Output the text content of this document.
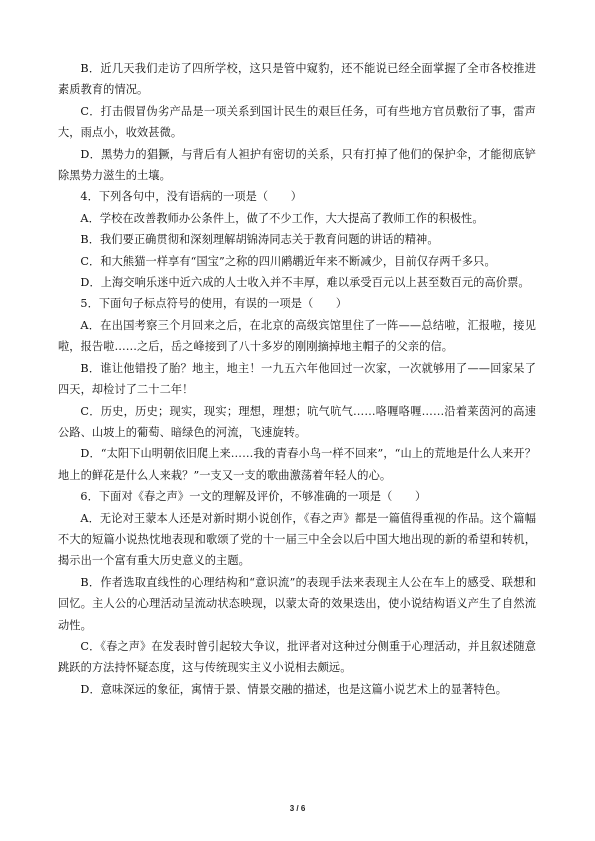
B．近几天我们走访了四所学校，这只是管中窥豹，还不能说已经全面掌握了全市各校推进素质教育的情况。

C．打击假冒伪劣产品是一项关系到国计民生的艰巨任务，可有些地方官员敷衍了事，雷声大，雨点小，收效甚微。

D．黑势力的猖獗，与背后有人袒护有密切的关系，只有打掉了他们的保护伞，才能彻底铲除黑势力滋生的土壤。

4．下列各句中，没有语病的一项是（　　）

A．学校在改善教师办公条件上，做了不少工作，大大提高了教师工作的积极性。

B．我们要正确贯彻和深刻理解胡锦涛同志关于教育问题的讲话的精神。

C．和大熊猫一样享有“国宝”之称的四川鹇鹕近年来不断减少，目前仅存两千多只。

D．上海交响乐迷中近六成的人士收入并不丰厚，难以承受百元以上甚至数百元的高价票。

5．下面句子标点符号的使用，有误的一项是（　　）

A．在出国考察三个月回来之后，在北京的高级宾馆里住了一阵——总结啦，汇报啦，接见啦，报告啦……之后，岳之峰接到了八十多岁的刚刚摘掉地主帽子的父亲的信。

B．谁让他错投了胎？地主，地主！一九五六年他回过一次家，一次就够用了——回家呆了四天，却检讨了二十二年！

C．历史，历史；现实，现实；理想，理想；吭气吭气……咯喱咯喱……沿着莱茵河的高速公路、山坡上的葡萄、暗绿色的河流，飞速旋转。

D．“太阳下山明朝依旧爬上来……我的青春小鸟一样不回来”，“山上的荒地是什么人来开？地上的鲜花是什么人来栽？”一支又一支的歌曲激荡着年轻人的心。

6．下面对《春之声》一文的理解及评价，不够准确的一项是（　　）

A．无论对王蒙本人还是对新时期小说创作，《春之声》都是一篇值得重视的作品。这个篇幅不大的短篇小说热忱地表现和歌颂了党的十一届三中全会以后中国大地出现的新的希望和转机，揭示出一个富有重大历史意义的主题。

B．作者选取直线性的心理结构和“意识流”的表现手法来表现主人公在车上的感受、联想和回忆。主人公的心理活动呈流动状态映现，以蒙太奇的效果迭出，使小说结构语义产生了自然流动性。

C．《春之声》在发表时曾引起较大争议，批评者对这种过分侧重于心理活动，并且叙述随意跳跃的方法持怀疑态度，这与传统现实主义小说相去颇远。

D．意味深远的象征，寓情于景、情景交融的描述，也是这篇小说艺术上的显著特色。

3 / 6
